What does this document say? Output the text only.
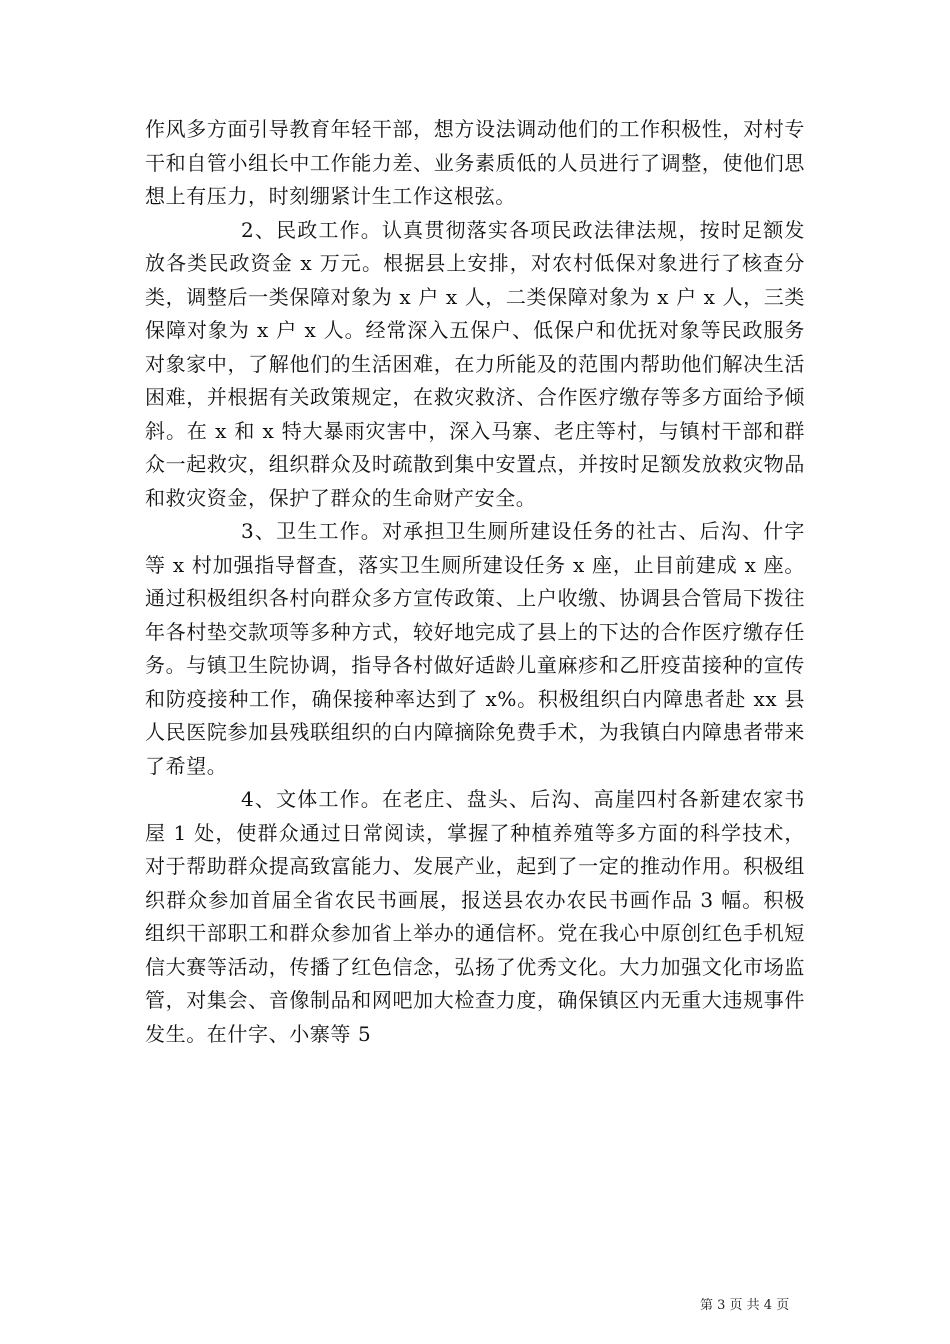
作风多方面引导教育年轻干部，想方设法调动他们的工作积极性，对村专干和自管小组长中工作能力差、业务素质低的人员进行了调整，使他们思想上有压力，时刻绷紧计生工作这根弦。

2、民政工作。认真贯彻落实各项民政法律法规，按时足额发放各类民政资金 x 万元。根据县上安排，对农村低保对象进行了核查分类，调整后一类保障对象为 x 户 x 人，二类保障对象为 x 户 x 人，三类保障对象为 x 户 x 人。经常深入五保户、低保户和优抚对象等民政服务对象家中，了解他们的生活困难，在力所能及的范围内帮助他们解决生活困难，并根据有关政策规定，在救灾救济、合作医疗缴存等多方面给予倾斜。在 x 和 x 特大暴雨灾害中，深入马寨、老庄等村，与镇村干部和群众一起救灾，组织群众及时疏散到集中安置点，并按时足额发放救灾物品和救灾资金，保护了群众的生命财产安全。

3、卫生工作。对承担卫生厕所建设任务的社古、后沟、什字等 x 村加强指导督查，落实卫生厕所建设任务 x 座，止目前建成 x 座。通过积极组织各村向群众多方宣传政策、上户收缴、协调县合管局下拨往年各村垫交款项等多种方式，较好地完成了县上的下达的合作医疗缴存任务。与镇卫生院协调，指导各村做好适龄儿童麻疹和乙肝疫苗接种的宣传和防疫接种工作，确保接种率达到了 x%。积极组织白内障患者赴 xx 县人民医院参加县残联组织的白内障摘除免费手术，为我镇白内障患者带来了希望。

4、文体工作。在老庄、盘头、后沟、高崖四村各新建农家书屋 1 处，使群众通过日常阅读，掌握了种植养殖等多方面的科学技术，对于帮助群众提高致富能力、发展产业，起到了一定的推动作用。积极组织群众参加首届全省农民书画展，报送县农办农民书画作品 3 幅。积极组织干部职工和群众参加省上举办的通信杯。党在我心中原创红色手机短信大赛等活动，传播了红色信念，弘扬了优秀文化。大力加强文化市场监管，对集会、音像制品和网吧加大检查力度，确保镇区内无重大违规事件发生。在什字、小寨等 5

第 3 页 共 4 页
